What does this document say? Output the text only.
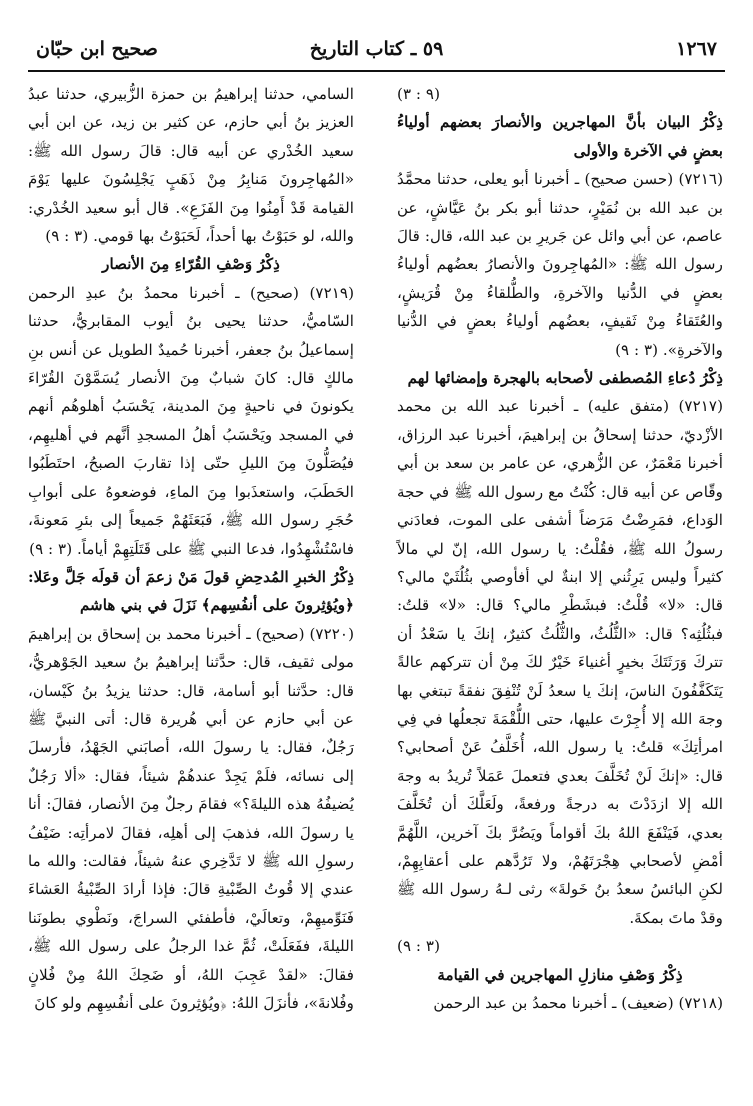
١٢٦٧
٥٩ ـ كتاب التاريخ
صحيح ابن حبّان

(٩ : ٣)

ذِكْرُ البيان بأنَّ المهاجرين والأنصارَ بعضهم أولياءُ بعضٍ في الآخرة والأولى

(٧٢١٦) (حسن صحيح) ـ أخبرنا أبو يعلى، حدثنا محمَّدُ بن عبد الله بن نُمَيْرٍ، حدثنا أبو بكر بنُ عَيَّاشٍ، عن عاصم، عن أبي وائل عن جَريرِ بن عبد الله، قال: قالَ رسول الله ﷺ: «المُهاجِرونَ والأنصارُ بعضُهم أولياءُ بعضٍ في الدُّنيا والآخرةِ، والطُّلقاءُ مِنْ قُرَيشٍ، والعُتَقاءُ مِنْ ثَقيفٍ، بعضُهم أولياءُ بعضٍ في الدُّنيا والآخرةِ». (٣ : ٩)

ذِكْرُ دُعاءِ المُصطفى لأصحابه بالهجرة وإمضائها لهم

(٧٢١٧) (متفق عليه) ـ أخبرنا عبد الله بن محمد الأزْديّ، حدثنا إسحاقُ بن إبراهيمَ، أخبرنا عبد الرزاق، أخبرنا مَعْمَرٌ، عن الزُّهري، عن عامر بن سعد بن أبي وقّاص عن أبيه قال: كُنْتُ مع رسول الله ﷺ في حجة الوَداع، فمَرِضْتُ مَرَضاً أشفى على الموت، فعادَني رسولُ الله ﷺ، فقُلْتُ: يا رسول الله، إنّ لي مالاً كثيراً وليس يَرِثُني إلا ابنةٌ لي أفأوصي بثُلُثَيْ مالي؟ قال: «لا» قُلْتُ: فبشَطْرِ مالي؟ قال: «لا» قلتُ: فبثُلُثِه؟ قال: «الثُّلُثُ، والثُّلُثُ كثيرٌ، إنكَ يا سَعْدُ أن تتركَ وَرَثَتَكَ بخيرٍ أغنياءَ خَيْرٌ لكَ مِنْ أن تتركهم عالةً يَتَكَفَّفُونَ الناسَ، إنكَ يا سعدُ لَنْ تُنْفِقَ نفقةً تبتغي بها وجهَ الله إلا أُجِرْتَ عليها، حتى اللُّقْمَةَ تجعلُها في فِي امرأتِكَ» قلتُ: يا رسول الله، أُخَلَّفُ عَنْ أصحابي؟ قال: «إنكَ لَنْ تُخَلَّفَ بعدي فتعملَ عَمَلاً تُريدُ به وجهَ الله إلا ازدَدْتَ به درجةً ورفعةً، ولَعَلَّكَ أن تُخَلَّفَ بعدي، فَيَنْفَعَ اللهُ بكَ أقواماً ويَضُرَّ بكَ آخرين، اللَّهُمَّ أمْضِ لأصحابي هِجْرَتَهُمْ، ولا تَرُدَّهم على أعقابِهِمْ، لكنِ البائسُ سعدُ بنُ خَولةَ» رثى لـهُ رسول الله ﷺ وقدْ ماتَ بمكةَ.

(٣ : ٩)

ذِكْرُ وَصْفِ منازلِ المهاجرين في القيامة

(٧٢١٨) (ضعيف) ـ أخبرنا محمدُ بن عبد الرحمن

السامي، حدثنا إبراهيمُ بن حمزة الزُّبيري، حدثنا عبدُ العزيز بنُ أبي حازم، عن كثير بن زيد، عن ابن أبي سعيد الخُدْري عن أبيه قال: قالَ رسول الله ﷺ: «المُهاجِرونَ مَنابِرُ مِنْ ذَهَبٍ يَجْلِسُونَ عليها يَوْمَ القيامة قَدْ أَمِنُوا مِنَ الفَزَعِ». قال أبو سعيد الخُدْري: والله، لو حَبَوْتُ بها أحداً، لَحَبَوْتُ بها قومي. (٣ : ٩)

ذِكْرُ وَصْفِ القُرّاءِ مِنَ الأنصار

(٧٢١٩) (صحيح) ـ أخبرنا محمدُ بنُ عبدِ الرحمن السّاميُّ، حدثنا يحيى بنُ أيوب المقابريُّ، حدثنا إسماعيلُ بنُ جعفر، أخبرنا حُميدٌ الطويل عن أنس بنِ مالكٍ قال: كانَ شبابٌ مِنَ الأنصار يُسَمَّوْنَ القُرّاءَ يكونونَ في ناحيةٍ مِنَ المدينة، يَحْسَبُ أهلوهُم أنهم في المسجد ويَحْسَبُ أهلُ المسجدِ أنَّهم في أهليهِم، فيُصَلُّونَ مِنَ الليلِ حتّى إذا تقاربَ الصبحُ، احتَطَبُوا الحَطَبَ، واستعذَبوا مِنَ الماءِ، فوضعوهُ على أبوابِ حُجَرِ رسول الله ﷺ، فَبَعَثَهُمْ جَميعاً إلى بئرِ مَعونةَ، فاسْتُشْهِدُوا، فدعا النبي ﷺ على قَتَلَتِهِمْ أياماً. (٣ : ٩)

ذِكْرُ الخبرِ المُدحِضِ قولَ مَنْ زعمَ أن قولَه جَلَّ وعَلا: ﴿ويُؤثِرونَ على أنفُسِهم﴾ نَزَلَ في بني هاشم

(٧٢٢٠) (صحيح) ـ أخبرنا محمد بن إسحاق بن إبراهيمَ مولى ثقيف، قال: حدَّثنا إبراهيمُ بنُ سعيد الجَوْهريُّ، قال: حدَّثنا أبو أسامة، قال: حدثنا يزيدُ بنُ كَيْسان، عن أبي حازم عن أبي هُريرة قال: أتى النبيَّ ﷺ رَجُلٌ، فقال: يا رسولَ الله، أصابَني الجَهْدُ، فأرسلَ إلى نسائه، فلَمْ يَجِدْ عندهُمْ شيئاً، فقال: «ألا رَجُلٌ يُضيفُهُ هذه الليلةَ؟» فقامَ رجلٌ مِنَ الأنصار، فقالَ: أنا يا رسولَ الله، فذهبَ إلى أهلِه، فقالَ لامرأتِه: ضَيْفُ رسولِ الله ﷺ لا تَدَّخِري عنهُ شيئاً، فقالت: والله ما عندي إلا قُوتُ الصِّبْيةِ قالَ: فإذا أرادَ الصِّبْيةُ العَشاءَ فَنَوِّميهِمْ، وتعالَيْ، فأطفئي السراجَ، ونَطْوي بطونَنا الليلةَ، ففَعَلَتْ، ثُمَّ غدا الرجلُ على رسول الله ﷺ، فقالَ: «لقدْ عَجِبَ اللهُ، أو ضَحِكَ اللهُ مِنْ فُلانٍ وفُلانةَ»، فأنزَلَ اللهُ: ﴿ويُؤثِرونَ على أنفُسِهِم ولو كانَ
